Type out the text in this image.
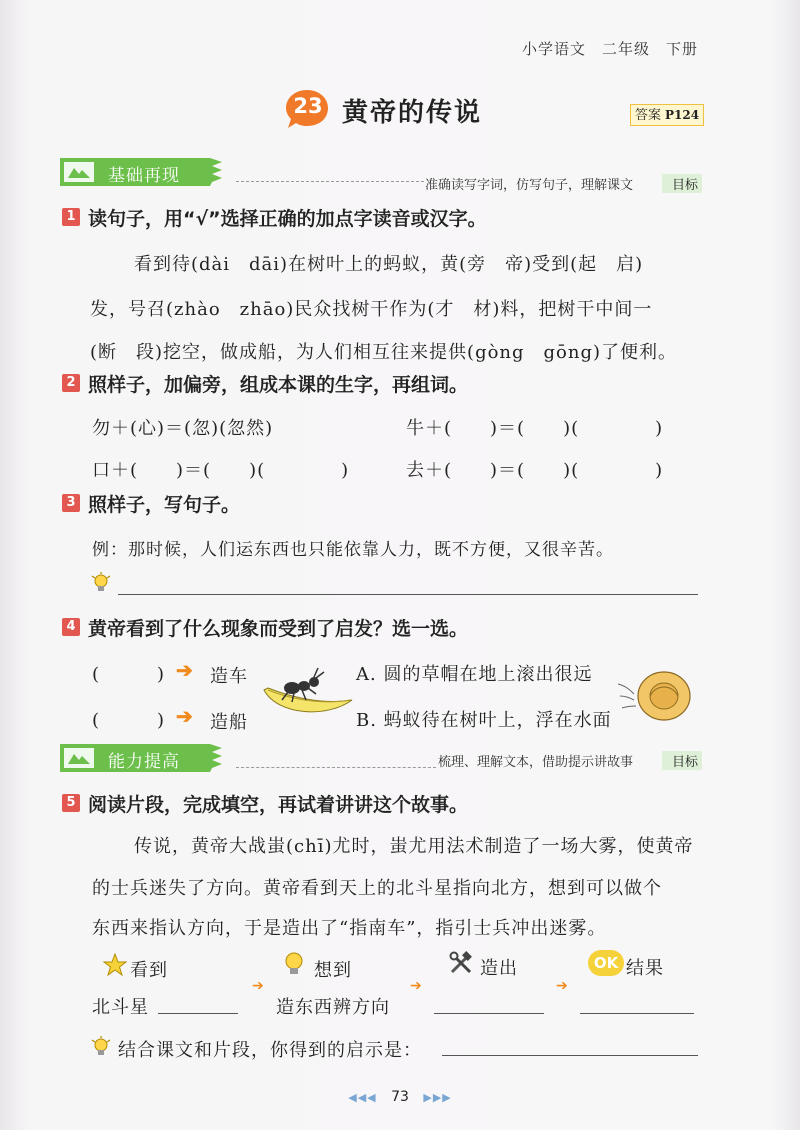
小学语文　二年级　下册
23 黄帝的传说	答案 P124
基础再现	准确读写字词，仿写句子，理解课文	目标
1 读句子，用“√”选择正确的加点字读音或汉字。
看到待(dài　dāi)在树叶上的蚂蚁，黄(旁　帝)受到(起　启)
发，号召(zhào　zhāo)民众找树干作为(才　材)料，把树干中间一
(断　段)挖空，做成船，为人们相互往来提供(gòng　gōng)了便利。
2 照样子，加偏旁，组成本课的生字，再组词。
勿＋(心)＝(忽)(忽然)	牛＋(　　)＝(　　)(　　　　)
口＋(　　)＝(　　)(　　　　)	去＋(　　)＝(　　)(　　　　)
3 照样子，写句子。
例：那时候，人们运东西也只能依靠人力，既不方便，又很辛苦。
4 黄帝看到了什么现象而受到了启发？选一选。
(　　　) ➔ 造车
(　　　) ➔ 造船
A. 圆的草帽在地上滚出很远
B. 蚂蚁待在树叶上，浮在水面
能力提高	梳理、理解文本，借助提示讲故事	目标
5 阅读片段，完成填空，再试着讲讲这个故事。
传说，黄帝大战蚩(chī)尤时，蚩尤用法术制造了一场大雾，使黄帝
的士兵迷失了方向。黄帝看到天上的北斗星指向北方，想到可以做个
东西来指认方向，于是造出了“指南车”，指引士兵冲出迷雾。
看到	想到	造出	OK 结果
北斗星
➔
造东西辨方向
➔	➔
结合课文和片段，你得到的启示是：
◀◀◀ 73 ▶▶▶
